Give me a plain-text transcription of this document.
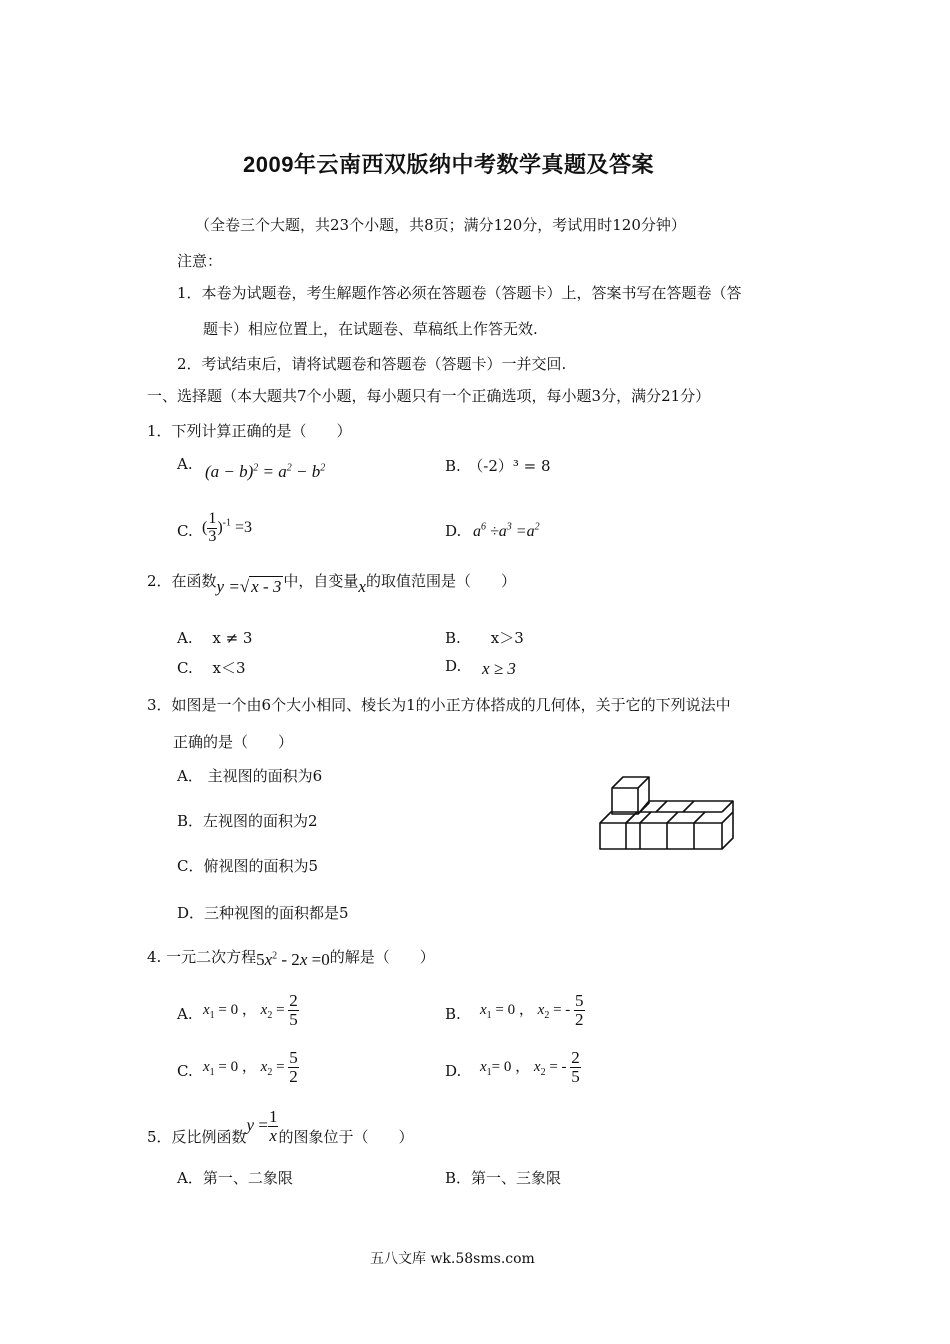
2009年云南西双版纳中考数学真题及答案
（全卷三个大题，共23个小题，共8页；满分120分，考试用时120分钟）
注意：
1．本卷为试题卷，考生解题作答必须在答题卷（答题卡）上，答案书写在答题卷（答
题卡）相应位置上，在试题卷、草稿纸上作答无效.
2．考试结束后，请将试题卷和答题卷（答题卡）一并交回.
一、选择题（本大题共7个小题，每小题只有一个正确选项，每小题3分，满分21分）
1．下列计算正确的是（　　）
A. $(a - b)^2 = a^2 - b^2$	B.　（-2）³ = 8
C. ( $\frac{1}{3} )^{-1} =3$	D. $a^6 \div a^3 =a^2$
2．在函数y =√ x - 3 中，自变量x的取值范围是（　　）
A.　 x ≠ 3	B.　　x＞3
C.　 x＜3	D. x ≥ 3
3．如图是一个由6个大小相同、棱长为1的小正方体搭成的几何体，关于它的下列说法中
正确的是（　　）
A． 主视图的面积为6
B．左视图的面积为2
C．俯视图的面积为5
D．三种视图的面积都是5
4. 一元二次方程$5x^2 - 2x =0$的解是（　　）
A. $x_1 = 0$ ， $x_2 = \frac{2}{5}$	B. $x_1 = 0$ ， $x_2$ = - $\frac{5}{2}$
C. $x_1 = 0$ ， $x_2 = \frac{5}{2}$	D. $x_1= 0$ ， $x_2$ = - $\frac{2}{5}$
5．反比例函数$y = \frac{1}{x}$ 的图象位于（　　）
A．第一、二象限	B．第一、三象限
五八文库 wk.58sms.com
